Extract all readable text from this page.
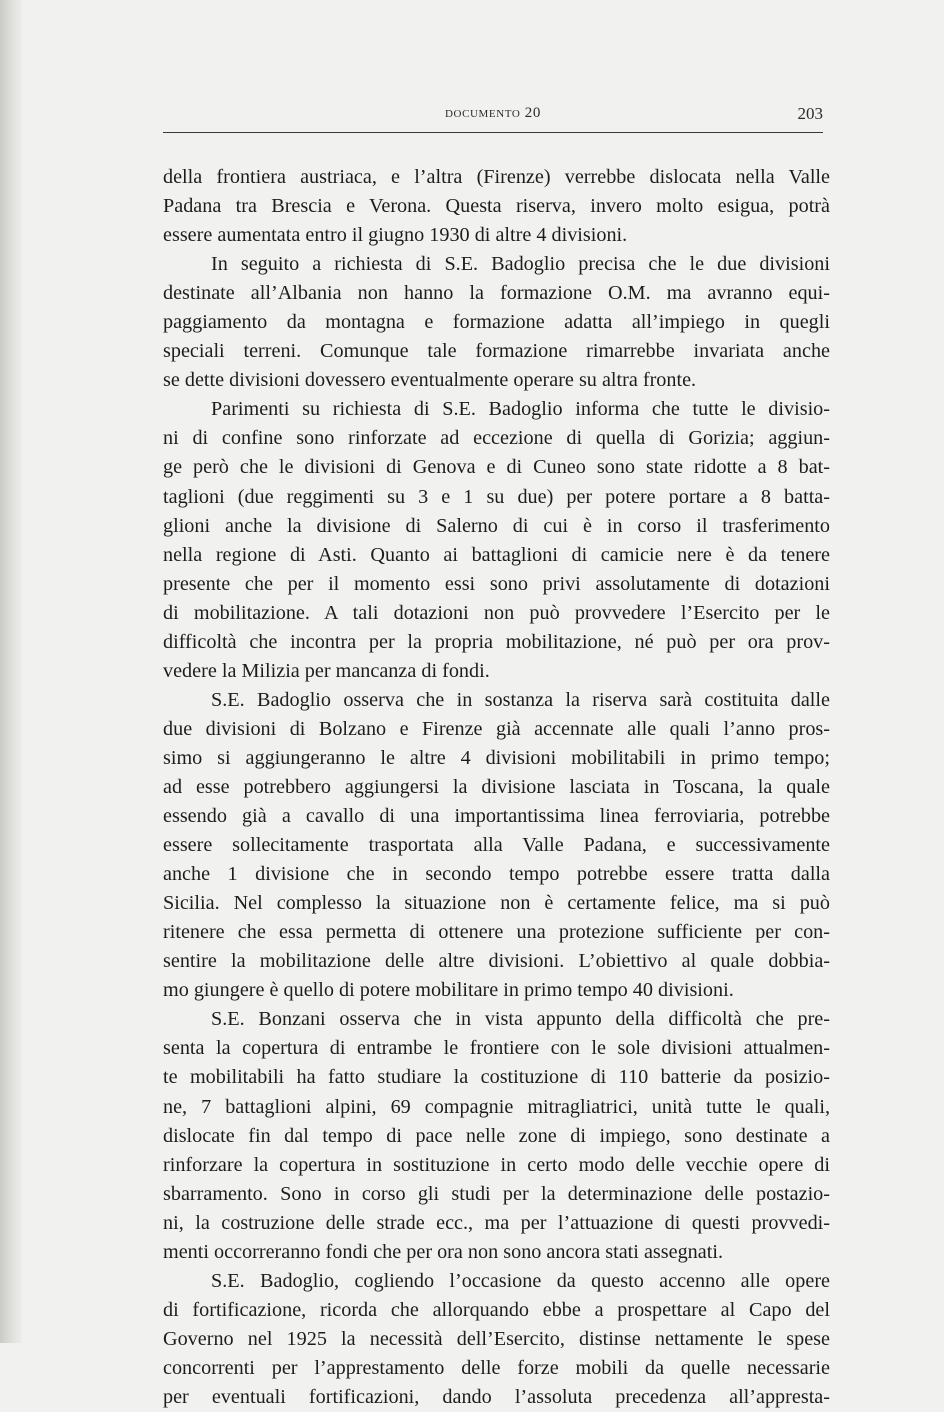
documento 20	203
della frontiera austriaca, e l’altra (Firenze) verrebbe dislocata nella Valle
Padana tra Brescia e Verona. Questa riserva, invero molto esigua, potrà
essere aumentata entro il giugno 1930 di altre 4 divisioni.
In seguito a richiesta di S.E. Badoglio precisa che le due divisioni
destinate all’Albania non hanno la formazione O.M. ma avranno equi-
paggiamento da montagna e formazione adatta all’impiego in quegli
speciali terreni. Comunque tale formazione rimarrebbe invariata anche
se dette divisioni dovessero eventualmente operare su altra fronte.
Parimenti su richiesta di S.E. Badoglio informa che tutte le divisio-
ni di confine sono rinforzate ad eccezione di quella di Gorizia; aggiun-
ge però che le divisioni di Genova e di Cuneo sono state ridotte a 8 bat-
taglioni (due reggimenti su 3 e 1 su due) per potere portare a 8 batta-
glioni anche la divisione di Salerno di cui è in corso il trasferimento
nella regione di Asti. Quanto ai battaglioni di camicie nere è da tenere
presente che per il momento essi sono privi assolutamente di dotazioni
di mobilitazione. A tali dotazioni non può provvedere l’Esercito per le
difficoltà che incontra per la propria mobilitazione, né può per ora prov-
vedere la Milizia per mancanza di fondi.
S.E. Badoglio osserva che in sostanza la riserva sarà costituita dalle
due divisioni di Bolzano e Firenze già accennate alle quali l’anno pros-
simo si aggiungeranno le altre 4 divisioni mobilitabili in primo tempo;
ad esse potrebbero aggiungersi la divisione lasciata in Toscana, la quale
essendo già a cavallo di una importantissima linea ferroviaria, potrebbe
essere sollecitamente trasportata alla Valle Padana, e successivamente
anche 1 divisione che in secondo tempo potrebbe essere tratta dalla
Sicilia. Nel complesso la situazione non è certamente felice, ma si può
ritenere che essa permetta di ottenere una protezione sufficiente per con-
sentire la mobilitazione delle altre divisioni. L’obiettivo al quale dobbia-
mo giungere è quello di potere mobilitare in primo tempo 40 divisioni.
S.E. Bonzani osserva che in vista appunto della difficoltà che pre-
senta la copertura di entrambe le frontiere con le sole divisioni attualmen-
te mobilitabili ha fatto studiare la costituzione di 110 batterie da posizio-
ne, 7 battaglioni alpini, 69 compagnie mitragliatrici, unità tutte le quali,
dislocate fin dal tempo di pace nelle zone di impiego, sono destinate a
rinforzare la copertura in sostituzione in certo modo delle vecchie opere di
sbarramento. Sono in corso gli studi per la determinazione delle postazio-
ni, la costruzione delle strade ecc., ma per l’attuazione di questi provvedi-
menti occorreranno fondi che per ora non sono ancora stati assegnati.
S.E. Badoglio, cogliendo l’occasione da questo accenno alle opere
di fortificazione, ricorda che allorquando ebbe a prospettare al Capo del
Governo nel 1925 la necessità dell’Esercito, distinse nettamente le spese
concorrenti per l’apprestamento delle forze mobili da quelle necessarie
per eventuali fortificazioni, dando l’assoluta precedenza all’appresta-
